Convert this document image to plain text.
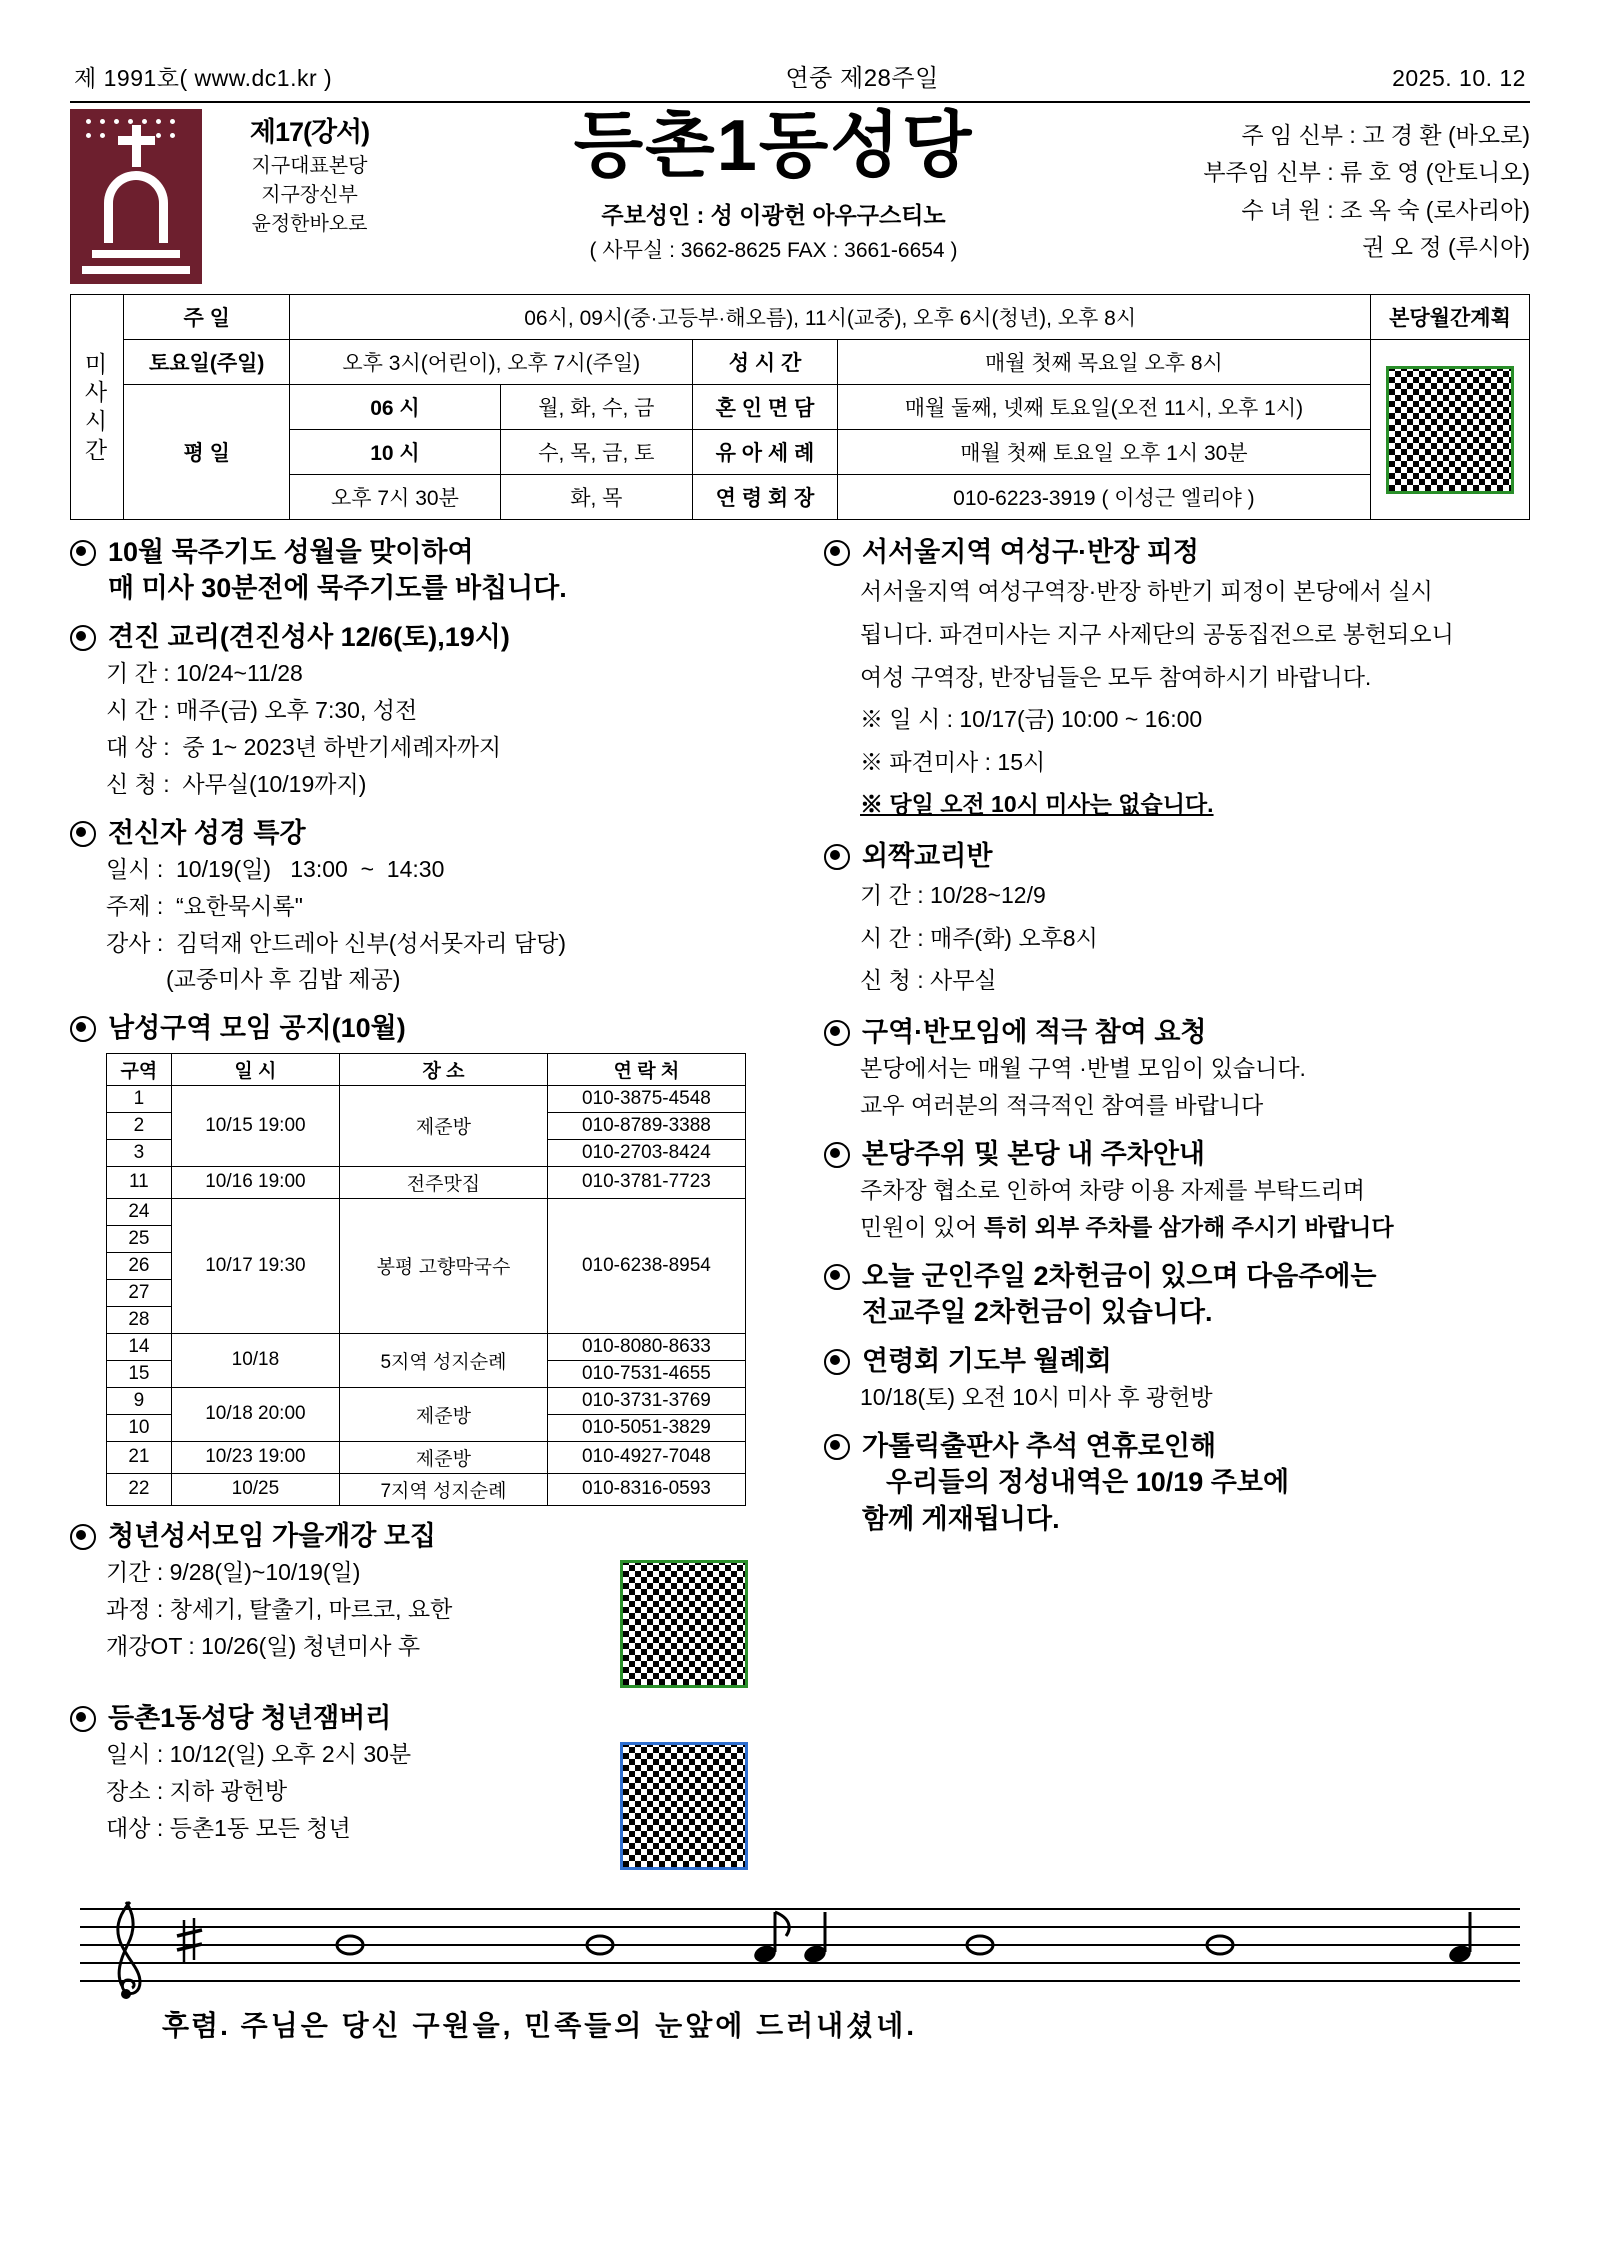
제 1991호( www.dc1.kr )	연중 제28주일	2025. 10. 12
제17(강서)
지구대표본당
지구장신부
윤정한바오로
등촌1동성당
주보성인 : 성 이광헌 아우구스티노
( 사무실 : 3662-8625 FAX : 3661-6654 )
주 임 신부 : 고 경 환 (바오로)
부주임 신부 : 류 호 영 (안토니오)
수 녀 원 : 조 옥 숙 (로사리아)
권 오 정 (루시아)
미
사
시
간	주 일	06시, 09시(중·고등부·해오름), 11시(교중), 오후 6시(청년), 오후 8시				본당월간계획
	토요일(주일)	오후 3시(어린이), 오후 7시(주일)		성 시 간	매월 첫째 목요일 오후 8시	

	평 일	06 시	월, 화, 수, 금	혼 인 면 담	매월 둘째, 넷째 토요일(오전 11시, 오후 1시)	
		10 시	수, 목, 금, 토	유 아 세 례	매월 첫째 토요일 오후 1시 30분	
		오후 7시 30분	화, 목	연 령 회 장	010-6223-3919 ( 이성근 엘리야 )	
10월 묵주기도 성월을 맞이하여
매 미사 30분전에 묵주기도를 바칩니다.
견진 교리(견진성사 12/6(토),19시)
기 간 : 10/24~11/28
시 간 : 매주(금) 오후 7:30, 성전
대 상 :  중 1~ 2023년 하반기세례자까지
신 청 :  사무실(10/19까지)
전신자 성경 특강
일시 :  10/19(일)   13:00  ~  14:30
주제 :  “요한묵시록"
강사 :  김덕재 안드레아 신부(성서못자리 담당)
(교중미사 후 김밥 제공)
남성구역 모임 공지(10월)
구역	일 시	장 소	연 락 처
1	10/15 19:00	제준방	010-3875-4548
2			010-8789-3388
3			010-2703-8424
11	10/16 19:00	전주맛집	010-3781-7723
24	10/17 19:30	봉평 고향막국수	010-6238-8954
25			
26			
27			
28			
14	10/18	5지역 성지순례	010-8080-8633
15			010-7531-4655
9	10/18 20:00	제준방	010-3731-3769
10			010-5051-3829
21	10/23 19:00	제준방	010-4927-7048
22	10/25	7지역 성지순례	010-8316-0593
청년성서모임 가을개강 모집
기간 : 9/28(일)~10/19(일)
과정 : 창세기, 탈출기, 마르코, 요한
개강OT : 10/26(일) 청년미사 후
등촌1동성당 청년잼버리
일시 : 10/12(일) 오후 2시 30분
장소 : 지하 광헌방
대상 : 등촌1동 모든 청년
서서울지역 여성구·반장 피정
서서울지역 여성구역장·반장 하반기 피정이 본당에서 실시
됩니다. 파견미사는 지구 사제단의 공동집전으로 봉헌되오니
여성 구역장, 반장님들은 모두 참여하시기 바랍니다.
※ 일 시 : 10/17(금) 10:00 ~ 16:00
※ 파견미사 : 15시
※ 당일 오전 10시 미사는 없습니다.
외짝교리반
기 간 : 10/28~12/9
시 간 : 매주(화) 오후8시
신 청 : 사무실
구역·반모임에 적극 참여 요청
본당에서는 매월 구역 ·반별 모임이 있습니다.
교우 여러분의 적극적인 참여를 바랍니다
본당주위 및 본당 내 주차안내
주차장 협소로 인하여 차량 이용 자제를 부탁드리며
민원이 있어 특히 외부 주차를 삼가해 주시기 바랍니다
오늘 군인주일 2차헌금이 있으며 다음주에는
전교주일 2차헌금이 있습니다.
연령회 기도부 월례회
10/18(토) 오전 10시 미사 후 광헌방
가톨릭출판사 추석 연휴로인해
우리들의 정성내역은 10/19 주보에
함께 게재됩니다.
후렴. 주님은 당신 구원을, 민족들의 눈앞에 드러내셨네.
